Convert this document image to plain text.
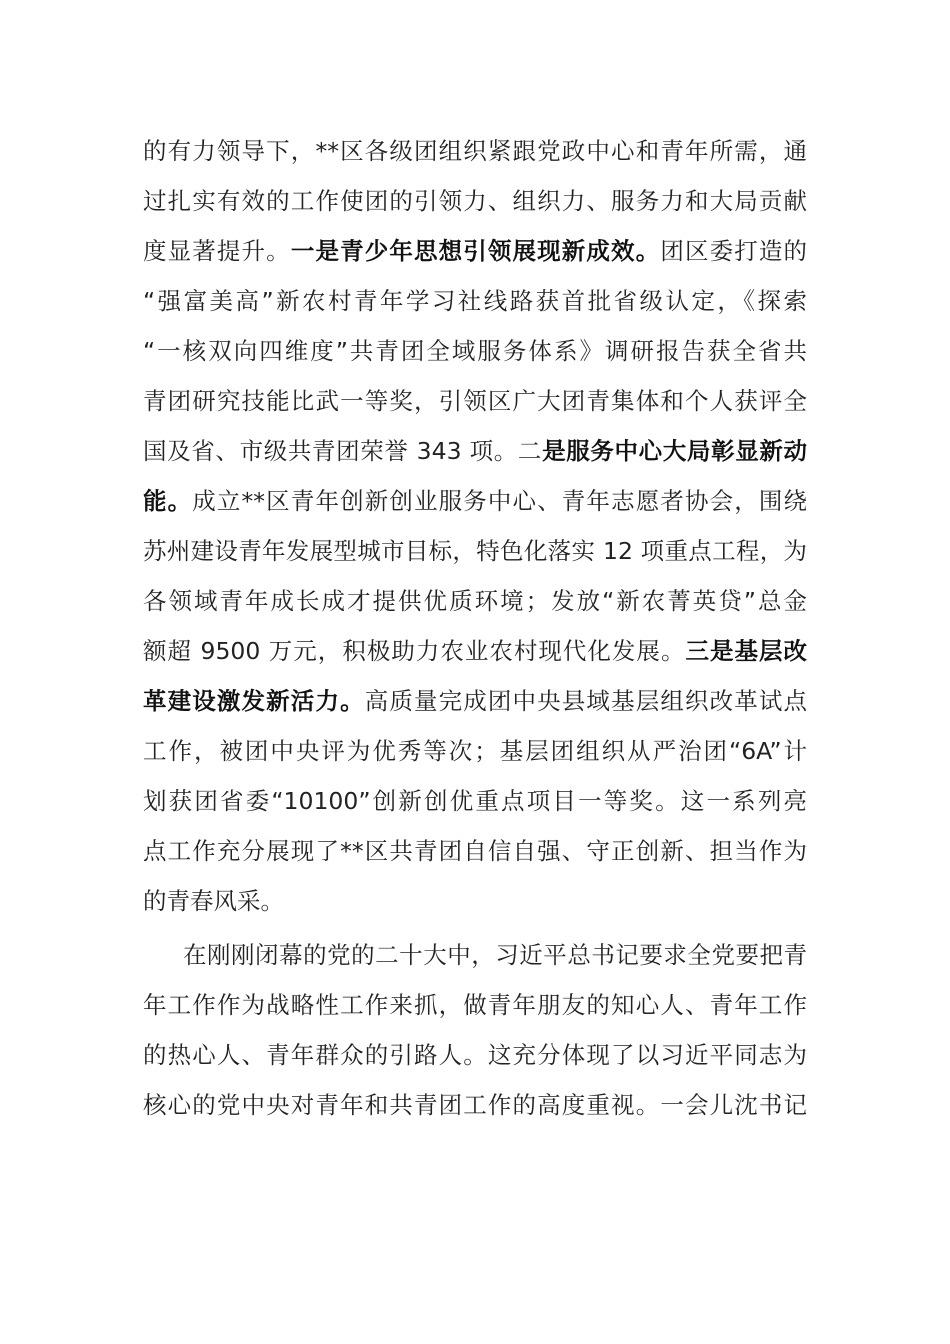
的有力领导下，**区各级团组织紧跟党政中心和青年所需，通
过扎实有效的工作使团的引领力、组织力、服务力和大局贡献
度显著提升。一是青少年思想引领展现新成效。团区委打造的
“强富美高”新农村青年学习社线路获首批省级认定，《探索
“一核双向四维度”共青团全域服务体系》调研报告获全省共
青团研究技能比武一等奖，引领区广大团青集体和个人获评全
国及省、市级共青团荣誉 343 项。二是服务中心大局彰显新动
能。成立**区青年创新创业服务中心、青年志愿者协会，围绕
苏州建设青年发展型城市目标，特色化落实 12 项重点工程，为
各领域青年成长成才提供优质环境；发放“新农菁英贷”总金
额超 9500 万元，积极助力农业农村现代化发展。三是基层改
革建设激发新活力。高质量完成团中央县域基层组织改革试点
工作，被团中央评为优秀等次；基层团组织从严治团“6A”计
划获团省委“10100”创新创优重点项目一等奖。这一系列亮
点工作充分展现了**区共青团自信自强、守正创新、担当作为
的青春风采。
在刚刚闭幕的党的二十大中，习近平总书记要求全党要把青
年工作作为战略性工作来抓，做青年朋友的知心人、青年工作
的热心人、青年群众的引路人。这充分体现了以习近平同志为
核心的党中央对青年和共青团工作的高度重视。一会儿沈书记
